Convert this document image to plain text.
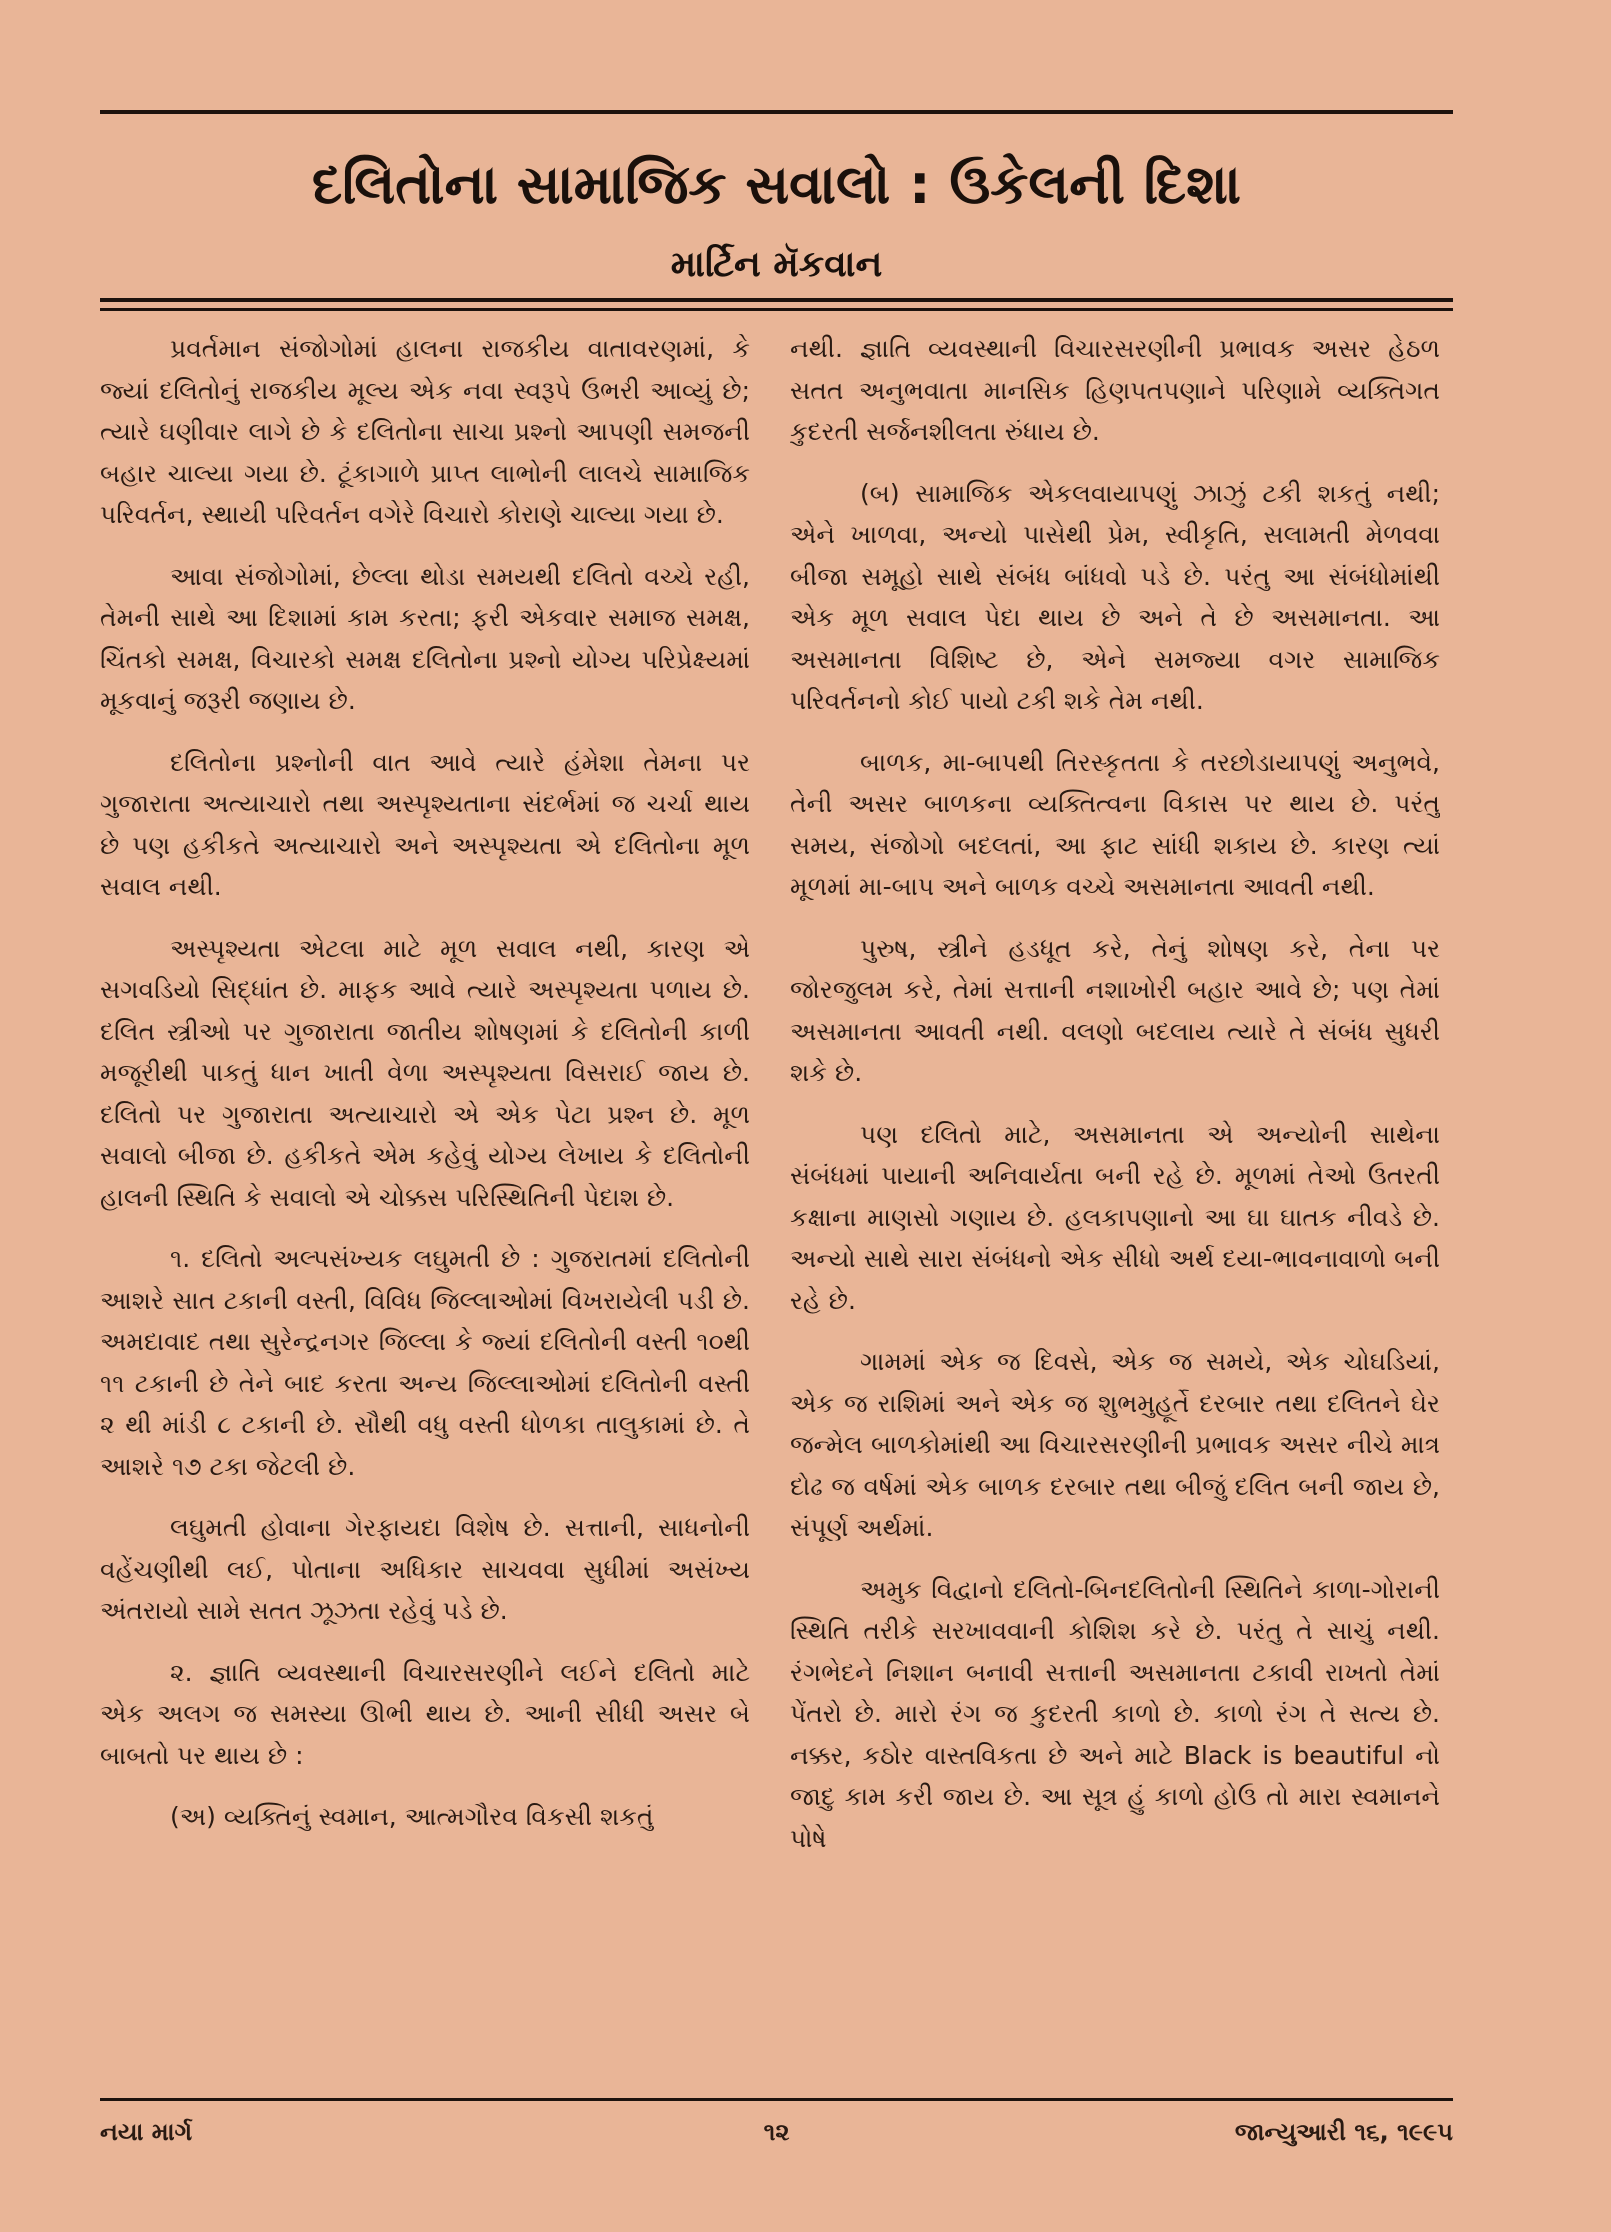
દલિતોના સામાજિક સવાલો : ઉકેલની દિશા
માર્ટિન મૅકવાન

પ્રવર્તમાન સંજોગોમાં હાલના રાજકીય વાતાવરણમાં, કે જ્યાં દલિતોનું રાજકીય મૂલ્ય એક નવા સ્વરૂપે ઉભરી આવ્યું છે; ત્યારે ઘણીવાર લાગે છે કે દલિતોના સાચા પ્રશ્નો આપણી સમજની બહાર ચાલ્યા ગયા છે. ટૂંકાગાળે પ્રાપ્ત લાભોની લાલચે સામાજિક પરિવર્તન, સ્થાયી પરિવર્તન વગેરે વિચારો કોરાણે ચાલ્યા ગયા છે.

આવા સંજોગોમાં, છેલ્લા થોડા સમયથી દલિતો વચ્ચે રહી, તેમની સાથે આ દિશામાં કામ કરતા; ફરી એકવાર સમાજ સમક્ષ, ચિંતકો સમક્ષ, વિચારકો સમક્ષ દલિતોના પ્રશ્નો યોગ્ય પરિપ્રેક્ષ્યમાં મૂકવાનું જરૂરી જણાય છે.

દલિતોના પ્રશ્નોની વાત આવે ત્યારે હંમેશા તેમના પર ગુજારાતા અત્યાચારો તથા અસ્પૃશ્યતાના સંદર્ભમાં જ ચર્ચા થાય છે પણ હકીકતે અત્યાચારો અને અસ્પૃશ્યતા એ દલિતોના મૂળ સવાલ નથી.

અસ્પૃશ્યતા એટલા માટે મૂળ સવાલ નથી, કારણ એ સગવડિયો સિદ્ધાંત છે. માફક આવે ત્યારે અસ્પૃશ્યતા પળાય છે. દલિત સ્ત્રીઓ પર ગુજારાતા જાતીય શોષણમાં કે દલિતોની કાળી મજૂરીથી પાકતું ધાન ખાતી વેળા અસ્પૃશ્યતા વિસરાઈ જાય છે. દલિતો પર ગુજારાતા અત્યાચારો એ એક પેટા પ્રશ્ન છે. મૂળ સવાલો બીજા છે. હકીકતે એમ કહેવું યોગ્ય લેખાય કે દલિતોની હાલની સ્થિતિ કે સવાલો એ ચોક્કસ પરિસ્થિતિની પેદાશ છે.

૧. દલિતો અલ્પસંખ્યક લઘુમતી છે : ગુજરાતમાં દલિતોની આશરે સાત ટકાની વસ્તી, વિવિધ જિલ્લાઓમાં વિખરાયેલી પડી છે. અમદાવાદ તથા સુરેન્દ્રનગર જિલ્લા કે જ્યાં દલિતોની વસ્તી ૧૦થી ૧૧ ટકાની છે તેને બાદ કરતા અન્ય જિલ્લાઓમાં દલિતોની વસ્તી ૨ થી માંડી ૮ ટકાની છે. સૌથી વધુ વસ્તી ધોળકા તાલુકામાં છે. તે આશરે ૧૭ ટકા જેટલી છે.

લઘુમતી હોવાના ગેરફાયદા વિશેષ છે. સત્તાની, સાધનોની વહેંચણીથી લઈ, પોતાના અધિકાર સાચવવા સુધીમાં અસંખ્ય અંતરાયો સામે સતત ઝૂઝતા રહેવું પડે છે.

૨. જ્ઞાતિ વ્યવસ્થાની વિચારસરણીને લઈને દલિતો માટે એક અલગ જ સમસ્યા ઊભી થાય છે. આની સીધી અસર બે બાબતો પર થાય છે :

(અ) વ્યક્તિનું સ્વમાન, આત્મગૌરવ વિકસી શકતું

નથી. જ્ઞાતિ વ્યવસ્થાની વિચારસરણીની પ્રભાવક અસર હેઠળ સતત અનુભવાતા માનસિક હિણપતપણાને પરિણામે વ્યક્તિગત કુદરતી સર્જનશીલતા રુંધાય છે.

(બ) સામાજિક એકલવાયાપણું ઝાઝું ટકી શકતું નથી; એને ખાળવા, અન્યો પાસેથી પ્રેમ, સ્વીકૃતિ, સલામતી મેળવવા બીજા સમૂહો સાથે સંબંધ બાંધવો પડે છે. પરંતુ આ સંબંધોમાંથી એક મૂળ સવાલ પેદા થાય છે અને તે છે અસમાનતા. આ અસમાનતા વિશિષ્ટ છે, એને સમજ્યા વગર સામાજિક પરિવર્તનનો કોઈ પાયો ટકી શકે તેમ નથી.

બાળક, મા-બાપથી તિરસ્કૃતતા કે તરછોડાયાપણું અનુભવે, તેની અસર બાળકના વ્યક્તિત્વના વિકાસ પર થાય છે. પરંતુ સમય, સંજોગો બદલતાં, આ ફાટ સાંધી શકાય છે. કારણ ત્યાં મૂળમાં મા-બાપ અને બાળક વચ્ચે અસમાનતા આવતી નથી.

પુરુષ, સ્ત્રીને હડધૂત કરે, તેનું શોષણ કરે, તેના પર જોરજુલમ કરે, તેમાં સત્તાની નશાખોરી બહાર આવે છે; પણ તેમાં અસમાનતા આવતી નથી. વલણો બદલાય ત્યારે તે સંબંધ સુધરી શકે છે.

પણ દલિતો માટે, અસમાનતા એ અન્યોની સાથેના સંબંધમાં પાયાની અનિવાર્યતા બની રહે છે. મૂળમાં તેઓ ઉતરતી કક્ષાના માણસો ગણાય છે. હલકાપણાનો આ ઘા ઘાતક નીવડે છે. અન્યો સાથે સારા સંબંધનો એક સીધો અર્થ દયા-ભાવનાવાળો બની રહે છે.

ગામમાં એક જ દિવસે, એક જ સમયે, એક ચોઘડિયાં, એક જ રાશિમાં અને એક જ શુભમુહૂર્તે દરબાર તથા દલિતને ઘેર જન્મેલ બાળકોમાંથી આ વિચારસરણીની પ્રભાવક અસર નીચે માત્ર દોઢ જ વર્ષમાં એક બાળક દરબાર તથા બીજું દલિત બની જાય છે, સંપૂર્ણ અર્થમાં.

અમુક વિદ્વાનો દલિતો-બિનદલિતોની સ્થિતિને કાળા-ગોરાની સ્થિતિ તરીકે સરખાવવાની કોશિશ કરે છે. પરંતુ તે સાચું નથી. રંગભેદને નિશાન બનાવી સત્તાની અસમાનતા ટકાવી રાખતો તેમાં પેંતરો છે. મારો રંગ જ કુદરતી કાળો છે. કાળો રંગ તે સત્ય છે. નક્કર, કઠોર વાસ્તવિકતા છે અને માટે Black is beautiful નો જાદુ કામ કરી જાય છે. આ સૂત્ર હું કાળો હોઉ તો મારા સ્વમાનને પોષે

૧૨
નયા માર્ગ	જાન્યુઆરી ૧૬, ૧૯૯૫
